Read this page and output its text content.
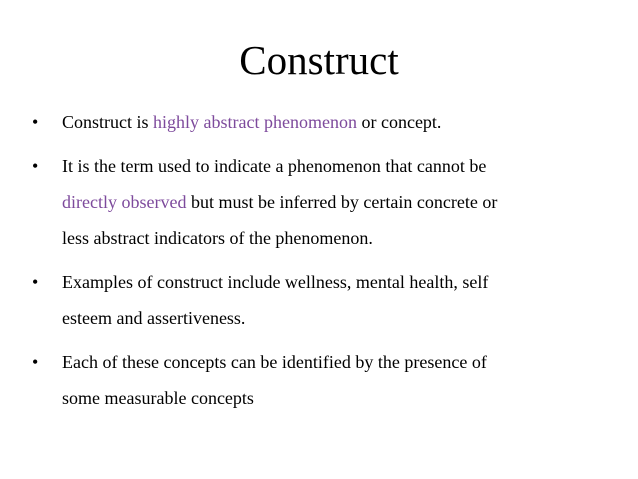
Construct
• Construct is highly abstract phenomenon or concept.
• It is the term used to indicate a phenomenon that cannot be
directly observed but must be inferred by certain concrete or
less abstract indicators of the phenomenon.
• Examples of construct include wellness, mental health, self
esteem and assertiveness.
• Each of these concepts can be identified by the presence of
some measurable concepts
